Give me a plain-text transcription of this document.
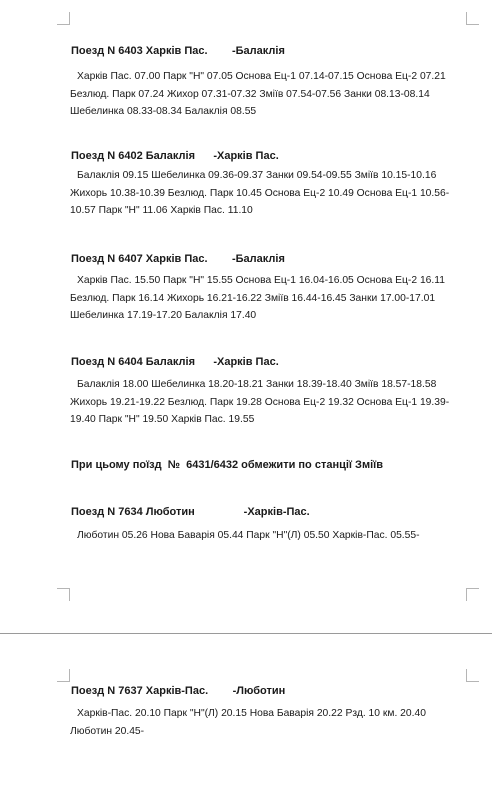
Поезд N 6403 Харків Пас.        -Балаклія
Харків Пас. 07.00 Парк "Н" 07.05 Основа Ец-1 07.14-07.15 Основа Ец-2 07.21 Безлюд. Парк 07.24 Жихор 07.31-07.32 Зміїв 07.54-07.56 Занки 08.13-08.14 Шебелинка 08.33-08.34 Балаклія 08.55
Поезд N 6402 Балаклія      -Харків Пас.
Балаклія 09.15 Шебелинка 09.36-09.37 Занки 09.54-09.55 Зміїв 10.15-10.16 Жихорь 10.38-10.39 Безлюд. Парк 10.45 Основа Ец-2 10.49 Основа Ец-1 10.56-10.57 Парк "Н" 11.06 Харків Пас. 11.10
Поезд N 6407 Харків Пас.        -Балаклія
Харків Пас. 15.50 Парк "Н" 15.55 Основа Ец-1 16.04-16.05 Основа Ец-2 16.11 Безлюд. Парк 16.14 Жихорь 16.21-16.22 Зміїв 16.44-16.45 Занки 17.00-17.01 Шебелинка 17.19-17.20 Балаклія 17.40
Поезд N 6404 Балаклія      -Харків Пас.
Балаклія 18.00 Шебелинка 18.20-18.21 Занки 18.39-18.40 Зміїв 18.57-18.58 Жихорь 19.21-19.22 Безлюд. Парк 19.28 Основа Ец-2 19.32 Основа Ец-1 19.39-19.40 Парк "Н" 19.50 Харків Пас. 19.55
При цьому поїзд  №  6431/6432 обмежити по станції Зміїв
Поезд N 7634 Люботин                -Харків-Пас.
Люботин 05.26 Нова Баварія 05.44 Парк "Н"(Л) 05.50 Харків-Пас. 05.55-
Поезд N 7637 Харків-Пас.        -Люботин
Харків-Пас. 20.10 Парк "Н"(Л) 20.15 Нова Баварія 20.22 Рзд. 10 км. 20.40 Люботин 20.45-
